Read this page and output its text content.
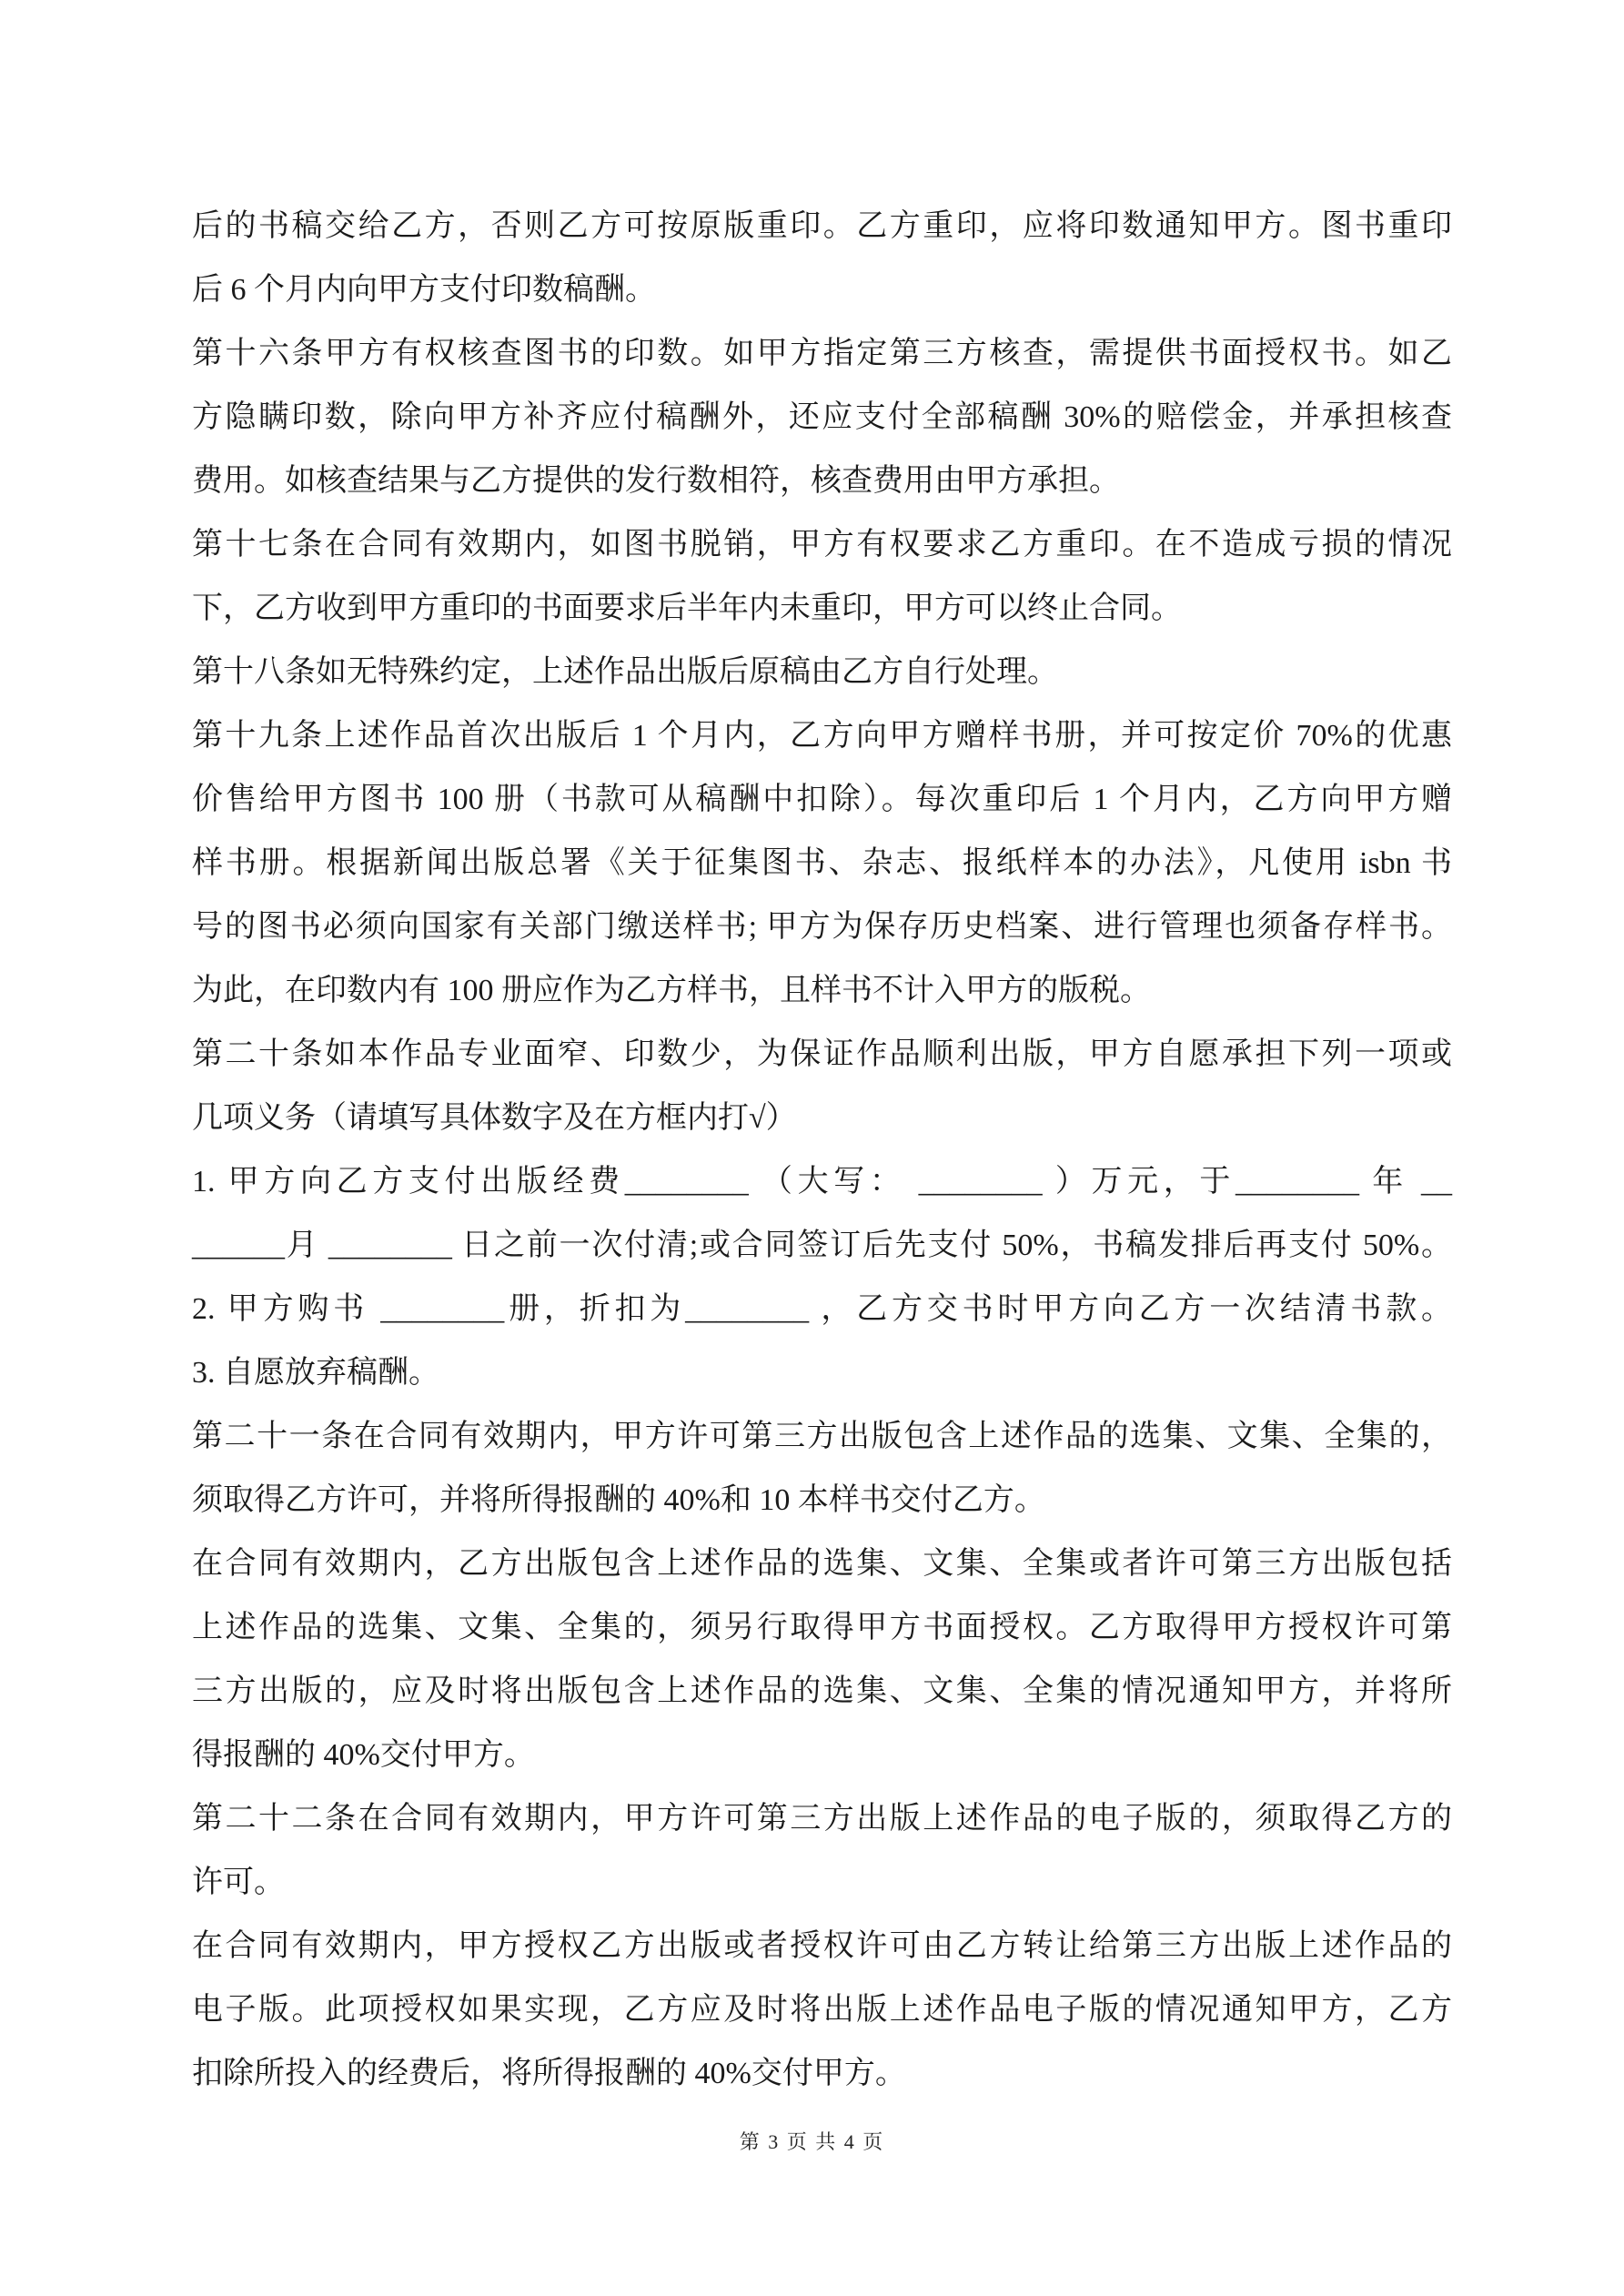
后的书稿交给乙方，否则乙方可按原版重印。乙方重印，应将印数通知甲方。图书重印
后 6 个月内向甲方支付印数稿酬。
第十六条甲方有权核查图书的印数。如甲方指定第三方核查，需提供书面授权书。如乙
方隐瞒印数，除向甲方补齐应付稿酬外，还应支付全部稿酬 30%的赔偿金，并承担核查
费用。如核查结果与乙方提供的发行数相符，核查费用由甲方承担。
第十七条在合同有效期内，如图书脱销，甲方有权要求乙方重印。在不造成亏损的情况
下，乙方收到甲方重印的书面要求后半年内未重印，甲方可以终止合同。
第十八条如无特殊约定，上述作品出版后原稿由乙方自行处理。
第十九条上述作品首次出版后 1 个月内，乙方向甲方赠样书册，并可按定价 70%的优惠
价售给甲方图书 100 册（书款可从稿酬中扣除）。每次重印后 1 个月内，乙方向甲方赠
样书册。根据新闻出版总署《关于征集图书、杂志、报纸样本的办法》，凡使用 isbn 书
号的图书必须向国家有关部门缴送样书; 甲方为保存历史档案、进行管理也须备存样书。
为此，在印数内有 100 册应作为乙方样书，且样书不计入甲方的版税。
第二十条如本作品专业面窄、印数少，为保证作品顺利出版，甲方自愿承担下列一项或
几项义务（请填写具体数字及在方框内打√）
1. 甲方向乙方支付出版经费________ （大写： ________ ）万元，于________ 年 __
______月 ________ 日之前一次付清;或合同签订后先支付 50%，书稿发排后再支付 50%。
2. 甲方购书 ________册，折扣为________ ，乙方交书时甲方向乙方一次结清书款。
3. 自愿放弃稿酬。
第二十一条在合同有效期内，甲方许可第三方出版包含上述作品的选集、文集、全集的，
须取得乙方许可，并将所得报酬的 40%和 10 本样书交付乙方。
在合同有效期内，乙方出版包含上述作品的选集、文集、全集或者许可第三方出版包括
上述作品的选集、文集、全集的，须另行取得甲方书面授权。乙方取得甲方授权许可第
三方出版的，应及时将出版包含上述作品的选集、文集、全集的情况通知甲方，并将所
得报酬的 40%交付甲方。
第二十二条在合同有效期内，甲方许可第三方出版上述作品的电子版的，须取得乙方的
许可。
在合同有效期内，甲方授权乙方出版或者授权许可由乙方转让给第三方出版上述作品的
电子版。此项授权如果实现，乙方应及时将出版上述作品电子版的情况通知甲方，乙方
扣除所投入的经费后，将所得报酬的 40%交付甲方。
第 3 页 共 4 页
